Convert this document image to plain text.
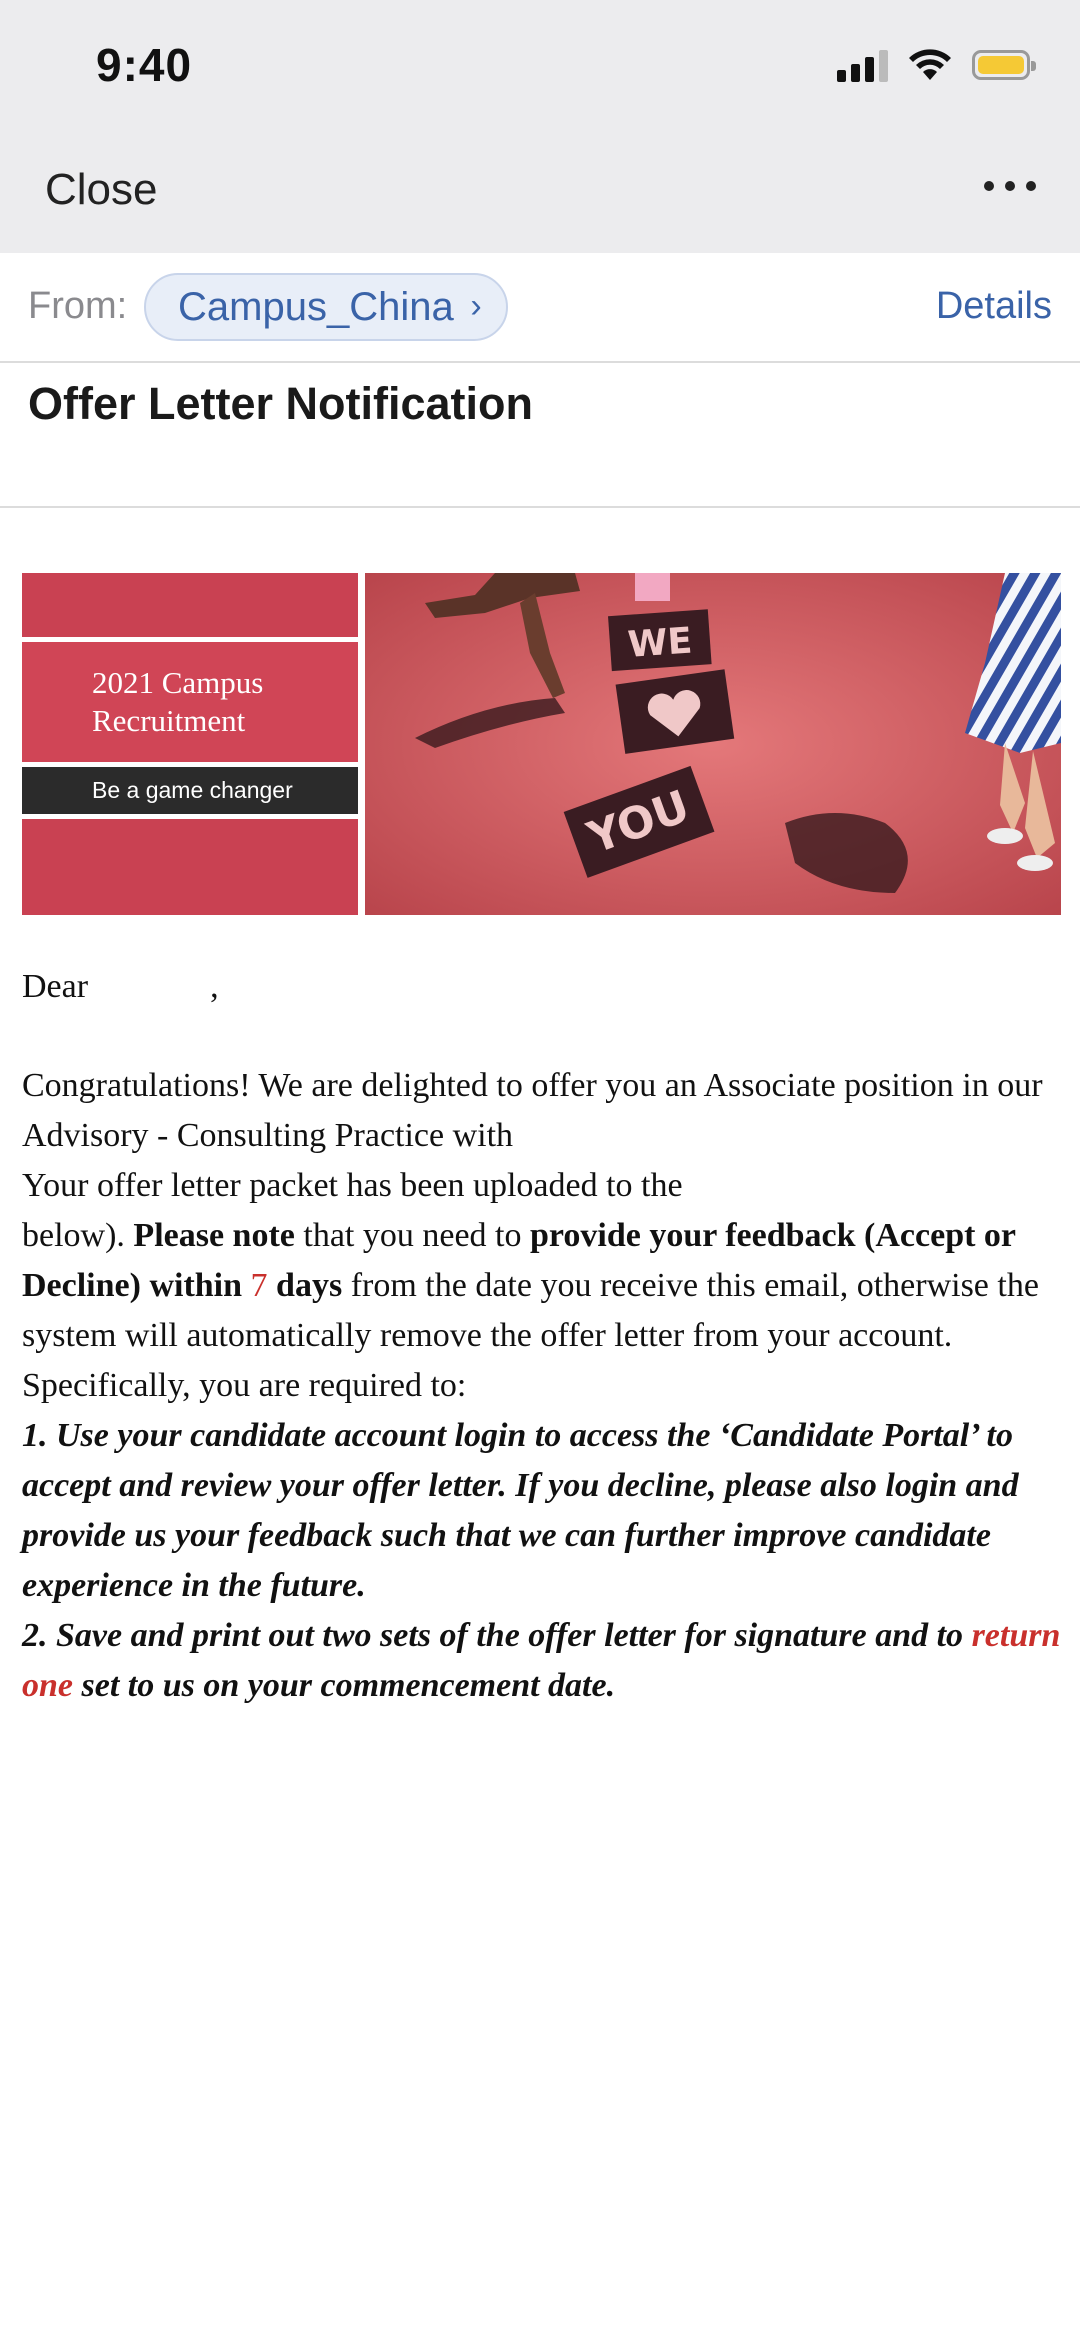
9:40
Close
From: Campus_China ›	Details
Offer Letter Notification
2021 Campus
Recruitment
Be a game changer
WE
YOU

Dear	,

Congratulations! We are delighted to offer you an Associate position in our Advisory - Consulting Practice with

Your offer letter packet has been uploaded to the
below). Please note that you need to provide your feedback (Accept or Decline) within 7 days from the date you receive this email, otherwise the system will automatically remove the offer letter from your account.

Specifically, you are required to:

1. Use your candidate account login to access the ‘Candidate Portal’ to accept and review your offer letter. If you decline, please also login and provide us your feedback such that we can further improve candidate experience in the future.

2. Save and print out two sets of the offer letter for signature and to return one set to us on your commencement date.
